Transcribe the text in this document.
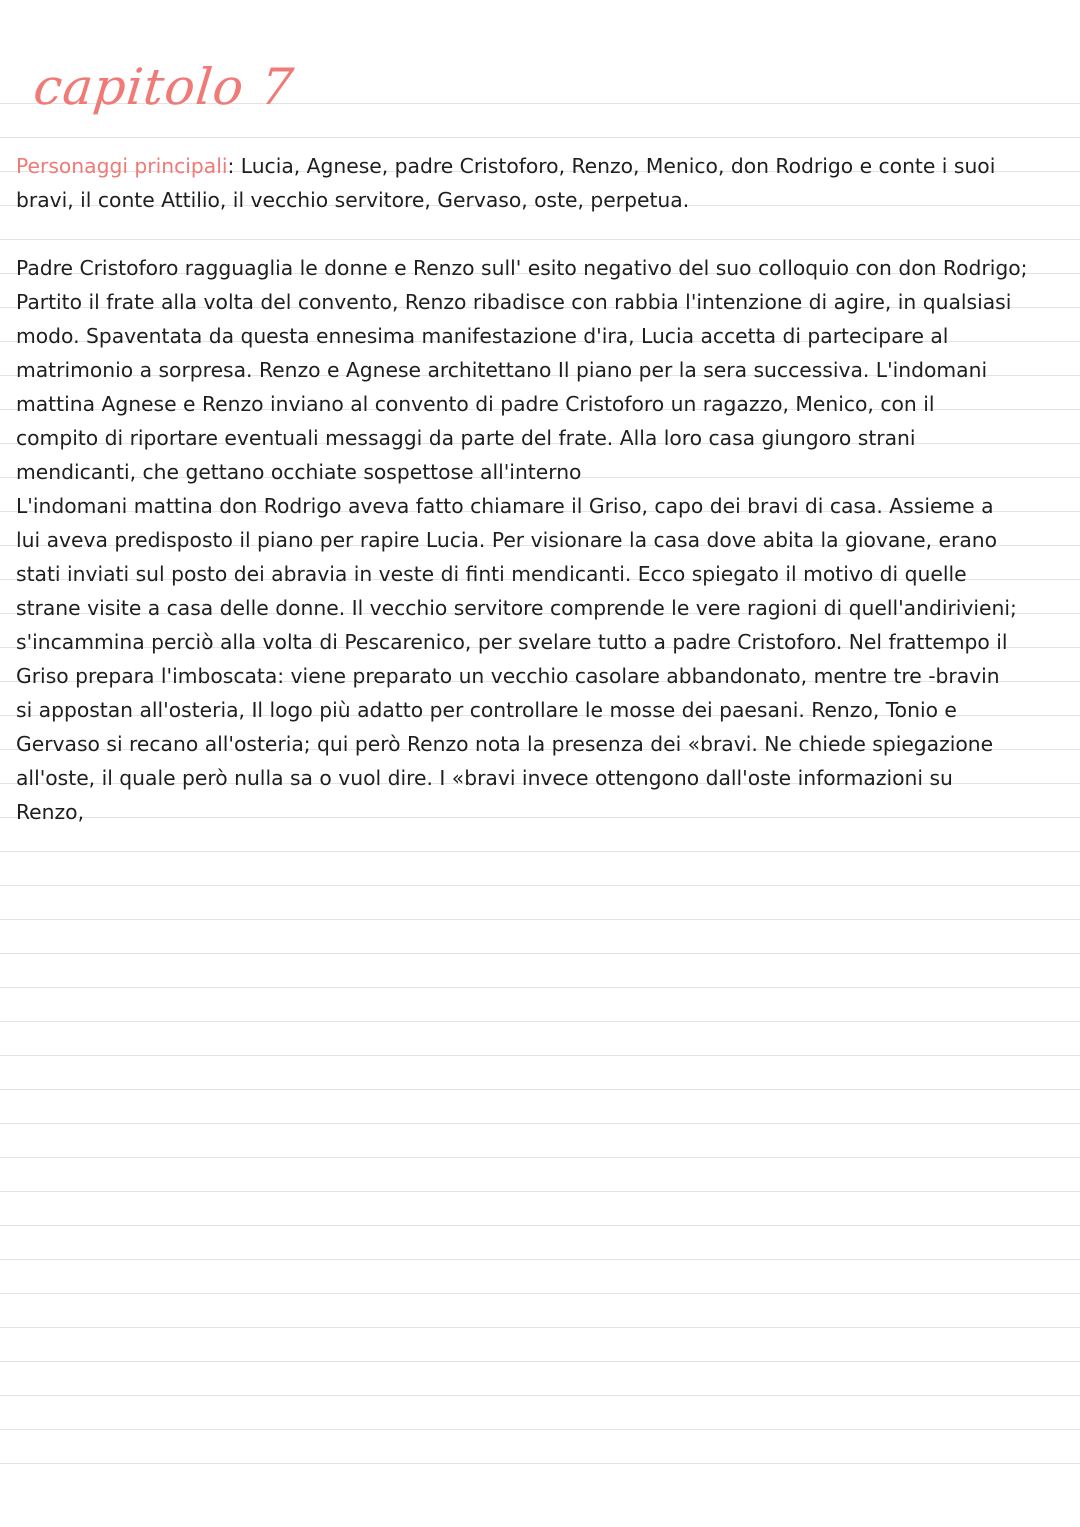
capitolo 7

Personaggi principali: Lucia, Agnese, padre Cristoforo, Renzo, Menico, don Rodrigo e conte i suoi

bravi, il conte Attilio, il vecchio servitore, Gervaso, oste, perpetua.

Padre Cristoforo ragguaglia le donne e Renzo sull' esito negativo del suo colloquio con don Rodrigo;

Partito il frate alla volta del convento, Renzo ribadisce con rabbia l'intenzione di agire, in qualsiasi

modo. Spaventata da questa ennesima manifestazione d'ira, Lucia accetta di partecipare al

matrimonio a sorpresa. Renzo e Agnese architettano Il piano per la sera successiva. L'indomani

mattina Agnese e Renzo inviano al convento di padre Cristoforo un ragazzo, Menico, con il

compito di riportare eventuali messaggi da parte del frate. Alla loro casa giungoro strani

mendicanti, che gettano occhiate sospettose all'interno

L'indomani mattina don Rodrigo aveva fatto chiamare il Griso, capo dei bravi di casa. Assieme a

lui aveva predisposto il piano per rapire Lucia. Per visionare la casa dove abita la giovane, erano

stati inviati sul posto dei abravia in veste di finti mendicanti. Ecco spiegato il motivo di quelle

strane visite a casa delle donne. Il vecchio servitore comprende le vere ragioni di quell'andirivieni;

s'incammina perciò alla volta di Pescarenico, per svelare tutto a padre Cristoforo. Nel frattempo il

Griso prepara l'imboscata: viene preparato un vecchio casolare abbandonato, mentre tre -bravin

si appostan all'osteria, Il logo più adatto per controllare le mosse dei paesani. Renzo, Tonio e

Gervaso si recano all'osteria; qui però Renzo nota la presenza dei «bravi. Ne chiede spiegazione

all'oste, il quale però nulla sa o vuol dire. I «bravi invece ottengono dall'oste informazioni su

Renzo,
